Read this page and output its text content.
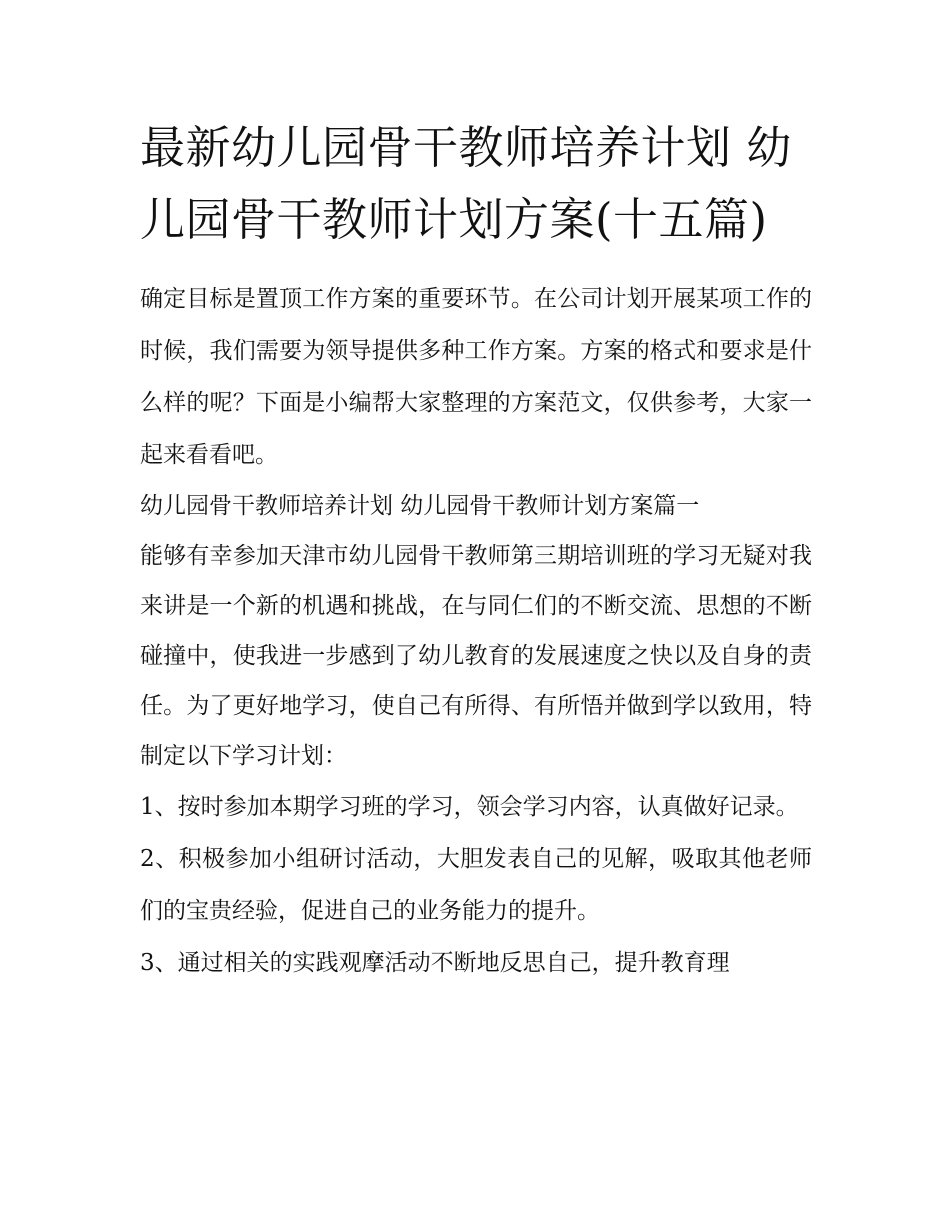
最新幼儿园骨干教师培养计划 幼儿园骨干教师计划方案(十五篇)

确定目标是置顶工作方案的重要环节。在公司计划开展某项工作的时候，我们需要为领导提供多种工作方案。方案的格式和要求是什么样的呢？下面是小编帮大家整理的方案范文，仅供参考，大家一起来看看吧。

幼儿园骨干教师培养计划 幼儿园骨干教师计划方案篇一

能够有幸参加天津市幼儿园骨干教师第三期培训班的学习无疑对我来讲是一个新的机遇和挑战，在与同仁们的不断交流、思想的不断碰撞中，使我进一步感到了幼儿教育的发展速度之快以及自身的责任。为了更好地学习，使自己有所得、有所悟并做到学以致用，特制定以下学习计划：

1、按时参加本期学习班的学习，领会学习内容，认真做好记录。

2、积极参加小组研讨活动，大胆发表自己的见解，吸取其他老师们的宝贵经验，促进自己的业务能力的提升。

3、通过相关的实践观摩活动不断地反思自己，提升教育理
